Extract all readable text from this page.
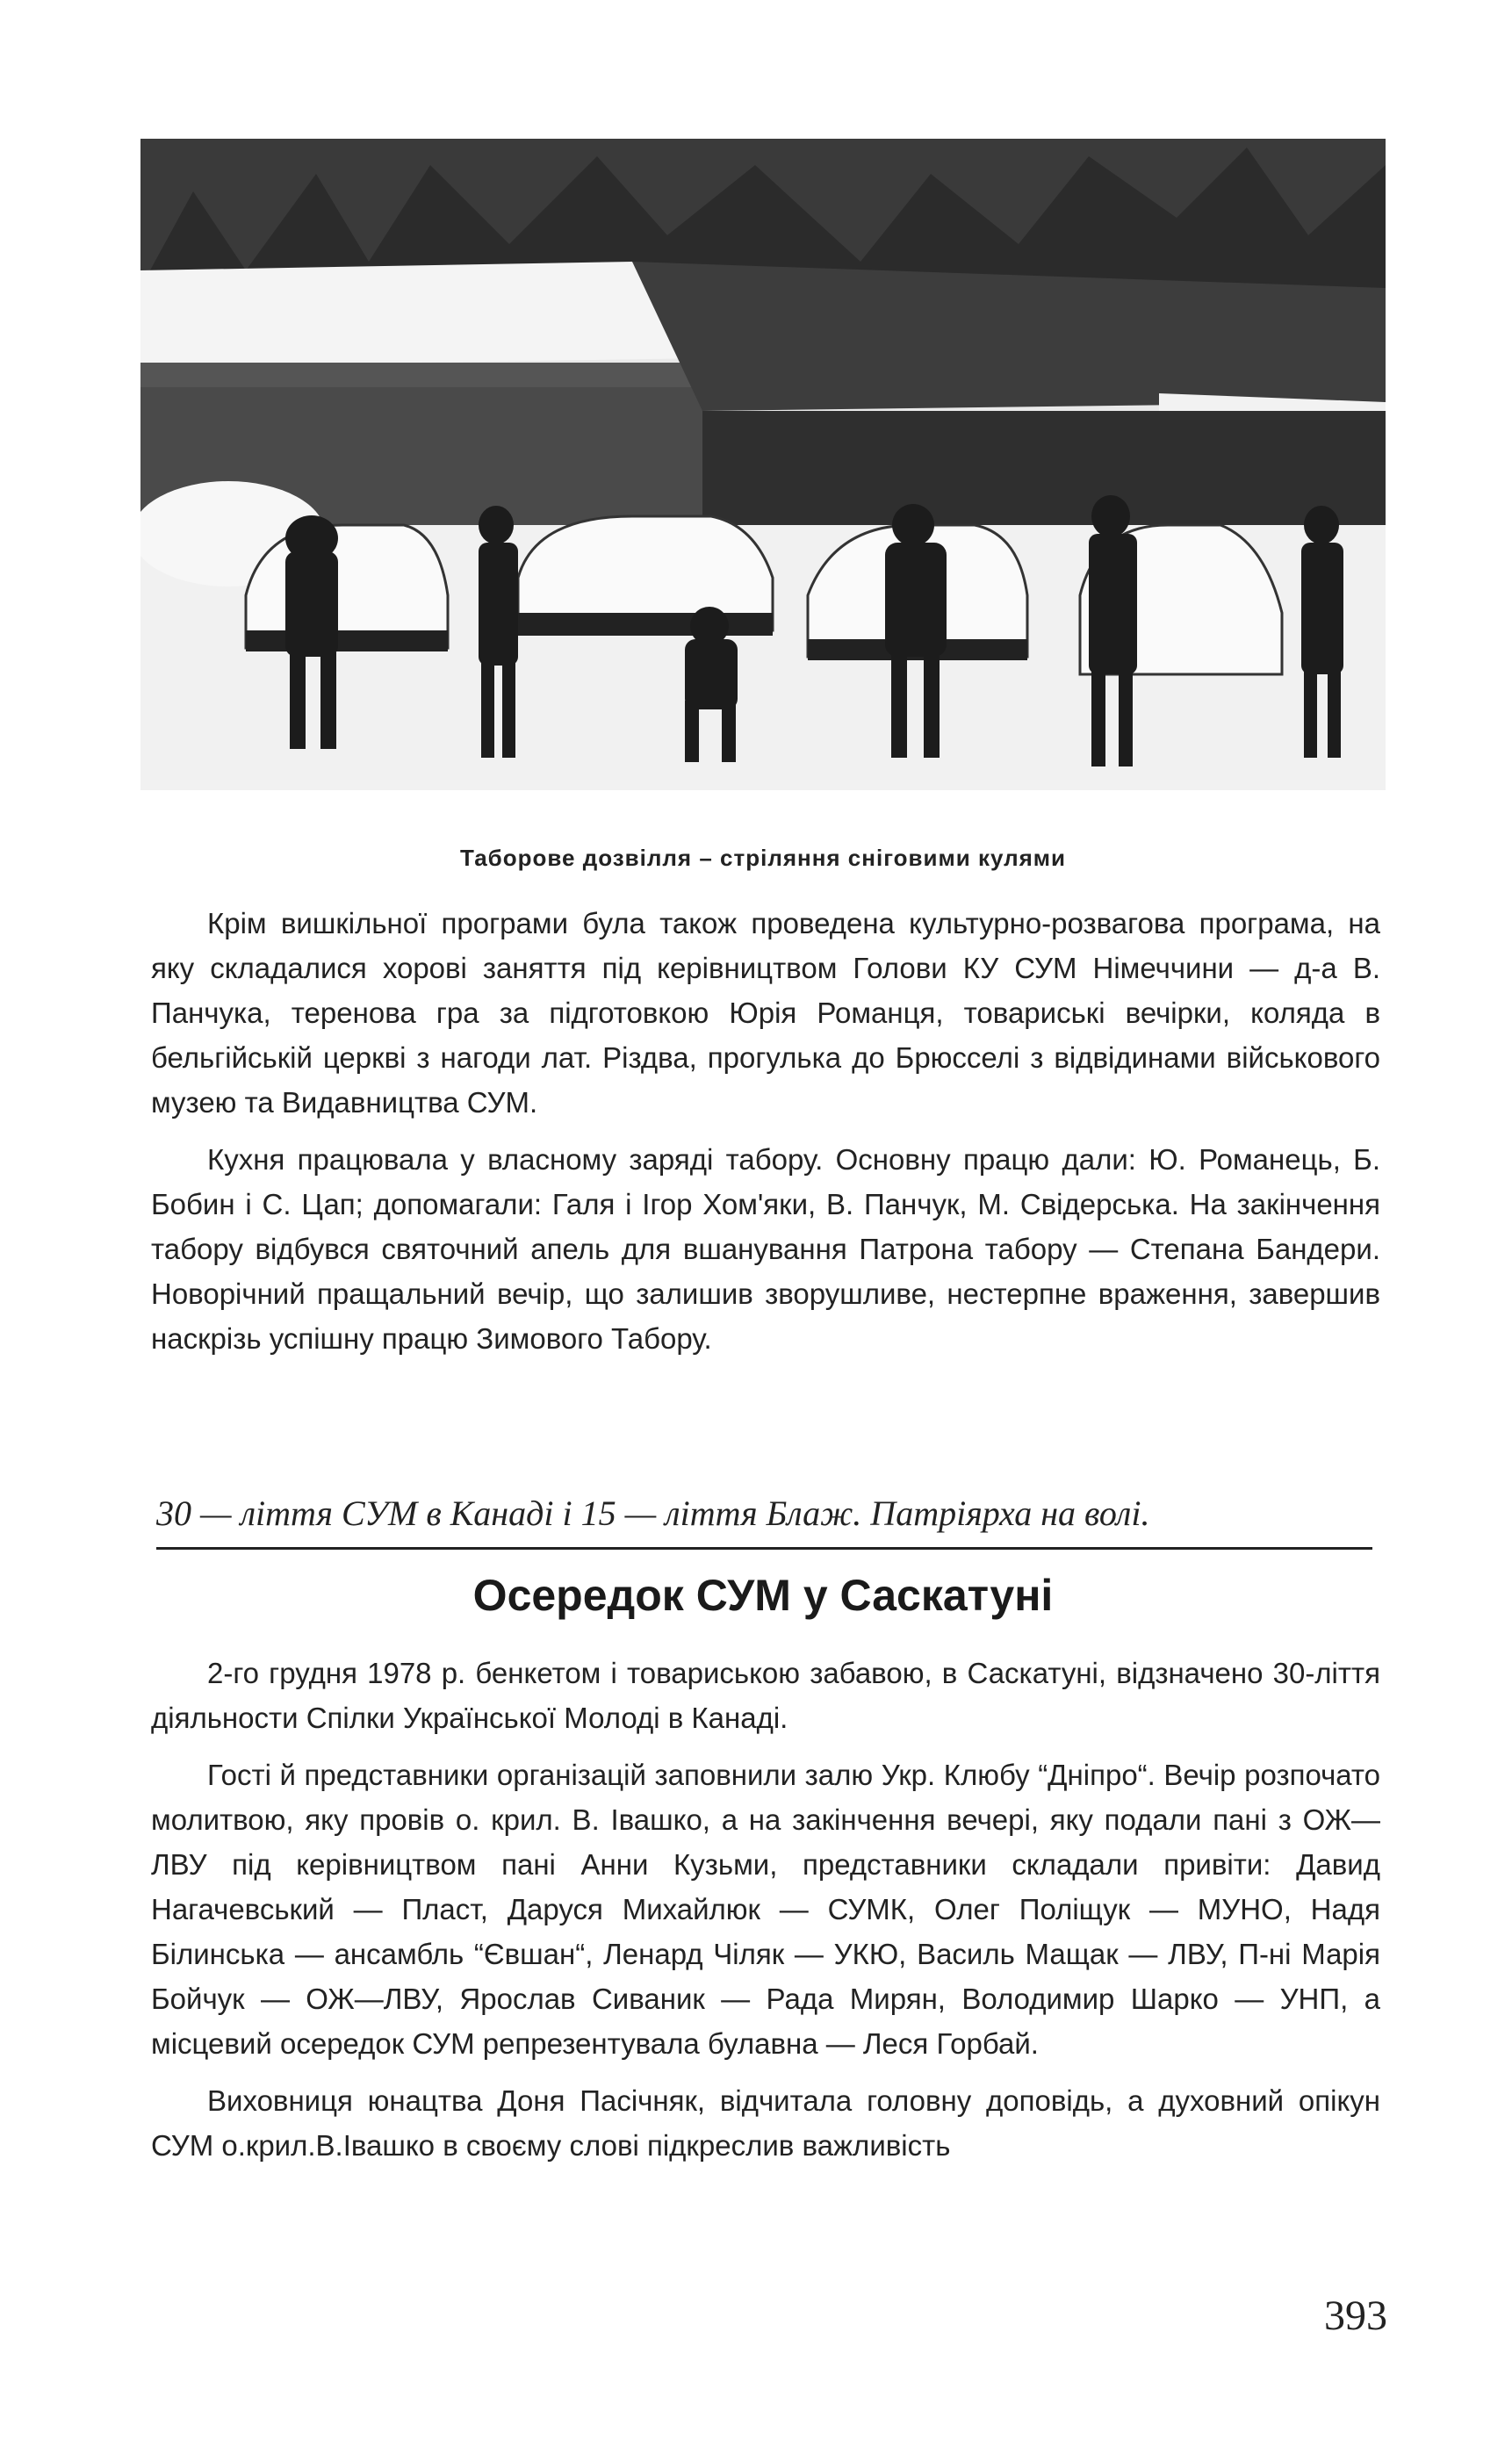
Таборове дозвілля – стріляння сніговими кулями

Крім вишкільної програми була також проведена культурно-розвагова програма, на яку складалися хорові заняття під керівництвом Голови КУ СУМ Німеччини — д-а В. Панчука, теренова гра за підготовкою Юрія Романця, товариські вечірки, коляда в бельгійській церкві з нагоди лат. Різдва, прогулька до Брюсселі з відвідинами військового музею та Видавництва СУМ.

Кухня працювала у власному заряді табору. Основну працю дали: Ю. Романець, Б. Бобин і С. Цап; допомагали: Галя і Ігор Хом'яки, В. Панчук, М. Свідерська. На закінчення табору відбувся святочний апель для вшанування Патрона табору — Степана Бандери. Новорічний пращальний вечір, що залишив зворушливе, нестерпне враження, завершив наскрізь успішну працю Зимового Табору.

30 — ліття СУМ в Канаді і 15 — ліття Блаж. Патріярха на волі.
Осередок СУМ у Саскатуні

2-го грудня 1978 р. бенкетом і товариською забавою, в Саскатуні, відзначено 30-ліття діяльности Спілки Української Молоді в Канаді.

Гості й представники організацій заповнили залю Укр. Клюбу “Дніпро“. Вечір розпочато молитвою, яку провів о. крил. В. Івашко, а на закінчення вечері, яку подали пані з ОЖ—ЛВУ під керівництвом пані Анни Кузьми, представники складали привіти: Давид Нагачевський — Пласт, Даруся Михайлюк — СУМК, Олег Поліщук — МУНО, Надя Білинська — ансамбль “Євшан“, Ленард Чіляк — УКЮ, Василь Мащак — ЛВУ, П-ні Марія Бойчук — ОЖ—ЛВУ, Ярослав Сиваник — Рада Мирян, Володимир Шарко — УНП, а місцевий осередок СУМ репрезентувала булавна — Леся Горбай.

Виховниця юнацтва Доня Пасічняк, відчитала головну доповідь, а духовний опікун СУМ о.крил.В.Івашко в своєму слові підкреслив важливість

393
